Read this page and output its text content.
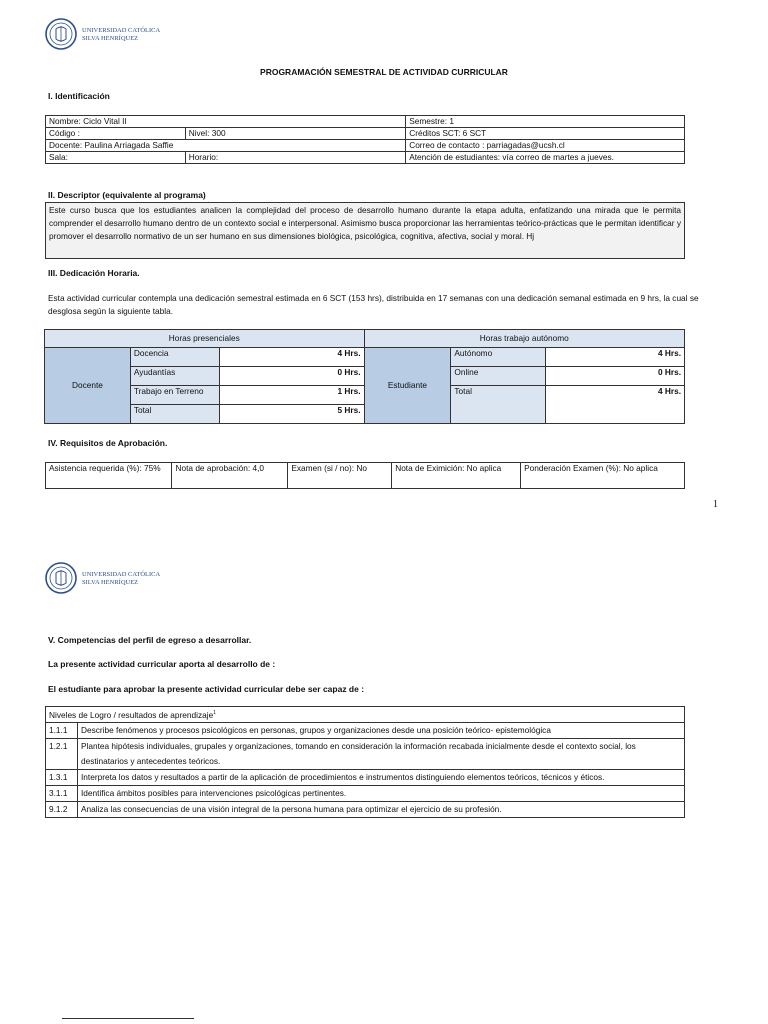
UNIVERSIDAD CATÓLICA
SILVA HENRÍQUEZ
PROGRAMACIÓN SEMESTRAL DE ACTIVIDAD CURRICULAR
I. Identificación
Nombre: Ciclo Vital II		Semestre: 1
Código :	Nivel: 300	Créditos SCT: 6 SCT
Docente: Paulina Arriagada Saffie		Correo de contacto : parriagadas@ucsh.cl
Sala:	Horario:	Atención de estudiantes: vía correo de martes a jueves.
II. Descriptor (equivalente al programa)
Este curso busca que los estudiantes analicen la complejidad del proceso de desarrollo humano durante la etapa adulta, enfatizando una mirada que le permita comprender el desarrollo humano dentro de un contexto social e interpersonal. Asimismo busca proporcionar las herramientas teórico-prácticas que le permitan identificar y promover el desarrollo normativo de un ser humano en sus dimensiones biológica, psicológica, cognitiva, afectiva, social y moral. Hj
III. Dedicación Horaria.
Esta actividad curricular contempla una dedicación semestral estimada en 6 SCT (153 hrs), distribuida en 17 semanas con una dedicación semanal estimada en 9 hrs, la cual se desglosa según la siguiente tabla.
Horas presenciales			Horas trabajo autónomo		
Docente	Docencia	4 Hrs.	Estudiante	Autónomo	4 Hrs.
	Ayudantías	0 Hrs.		Online	0 Hrs.
	Trabajo en Terreno	1 Hrs.		Total	4 Hrs.
	Total	5 Hrs.			
IV. Requisitos de Aprobación.
Asistencia requerida (%): 75%	Nota de aprobación: 4,0	Examen (si / no): No	Nota de Eximición: No aplica	Ponderación Examen (%): No aplica
1
UNIVERSIDAD CATÓLICA
SILVA HENRÍQUEZ
V. Competencias del perfil de egreso a desarrollar.
La presente actividad curricular aporta al desarrollo de :
El estudiante para aprobar la presente actividad curricular debe ser capaz de :
Niveles de Logro / resultados de aprendizaje$^1$
1.1.1	Describe fenómenos y procesos psicológicos en personas, grupos y organizaciones desde una posición teórico- epistemológica
1.2.1	Plantea hipótesis individuales, grupales y organizaciones, tomando en consideración la información recabada inicialmente desde el contexto social, los destinatarios y antecedentes teóricos.
1.3.1	Interpreta los datos y resultados a partir de la aplicación de procedimientos e instrumentos distinguiendo elementos teóricos, técnicos y éticos.
3.1.1	Identifica ámbitos posibles para intervenciones psicológicas pertinentes.
9.1.2	Analiza las consecuencias de una visión integral de la persona humana para optimizar el ejercicio de su profesión.
